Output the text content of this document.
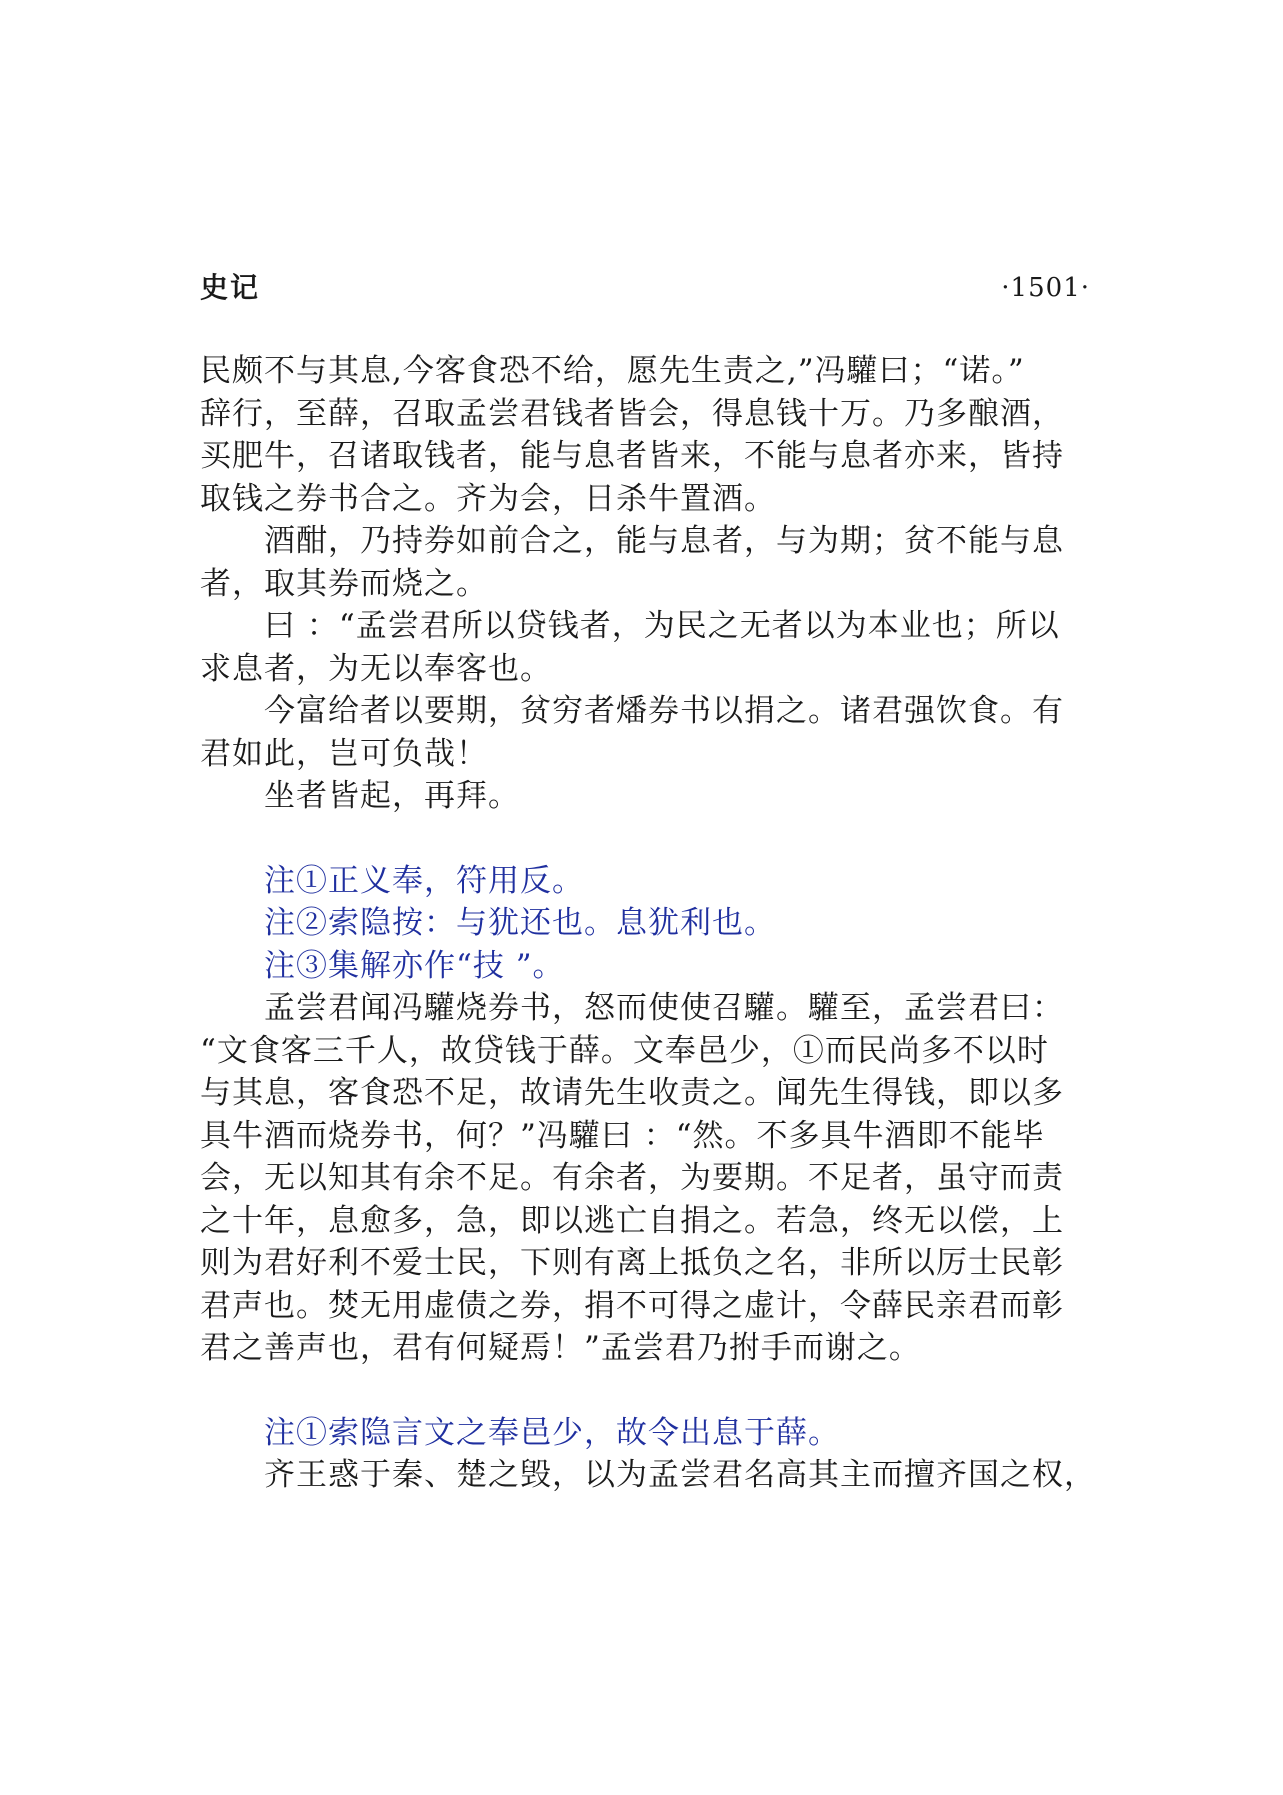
史记	·1501·
民颇不与其息,今客食恐不给，愿先生责之,”冯驩曰；“诺。”
辞行，至薛，召取孟尝君钱者皆会，得息钱十万。乃多酿酒，
买肥牛，召诸取钱者，能与息者皆来，不能与息者亦来，皆持
取钱之券书合之。齐为会，日杀牛置酒。
酒酣，乃持券如前合之，能与息者，与为期；贫不能与息
者，取其券而烧之。
曰 ：“孟尝君所以贷钱者，为民之无者以为本业也；所以
求息者，为无以奉客也。
今富给者以要期，贫穷者燔券书以捐之。诸君强饮食。有
君如此，岂可负哉！
坐者皆起，再拜。
注①正义奉，符用反。
注②索隐按：与犹还也。息犹利也。
注③集解亦作“技 ”。
孟尝君闻冯驩烧券书，怒而使使召驩。驩至，孟尝君曰：
“文食客三千人，故贷钱于薛。文奉邑少，①而民尚多不以时
与其息，客食恐不足，故请先生收责之。闻先生得钱，即以多
具牛酒而烧券书，何？”冯驩曰 ：“然。不多具牛酒即不能毕
会，无以知其有余不足。有余者，为要期。不足者，虽守而责
之十年，息愈多，急，即以逃亡自捐之。若急，终无以偿，上
则为君好利不爱士民，下则有离上抵负之名，非所以厉士民彰
君声也。焚无用虚债之券，捐不可得之虚计，令薛民亲君而彰
君之善声也，君有何疑焉！”孟尝君乃拊手而谢之。
注①索隐言文之奉邑少，故令出息于薛。
齐王惑于秦、楚之毁，以为孟尝君名高其主而擅齐国之权，
